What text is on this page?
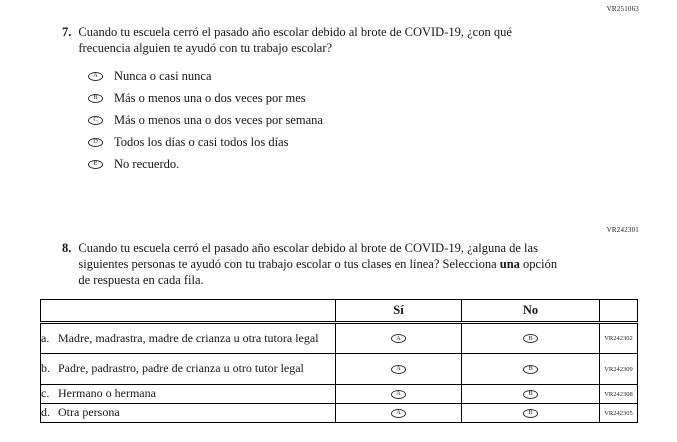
VR251063
7. Cuando tu escuela cerró el pasado año escolar debido al brote de COVID-19, ¿con qué frecuencia alguien te ayudó con tu trabajo escolar?
A Nunca o casi nunca
B Más o menos una o dos veces por mes
C Más o menos una o dos veces por semana
D Todos los días o casi todos los días
E No recuerdo.
VR242301
8. Cuando tu escuela cerró el pasado año escolar debido al brote de COVID-19, ¿alguna de las siguientes personas te ayudó con tu trabajo escolar o tus clases en línea? Selecciona una opción de respuesta en cada fila.
	Sí	No	

a. Madre, madrastra, madre de crianza u otra tutora legal	A	B	VR242302

b. Padre, padrastro, padre de crianza u otro tutor legal	A	B	VR242309

c. Hermano o hermana	A	B	VR242308

d. Otra persona	A	B	VR242305
